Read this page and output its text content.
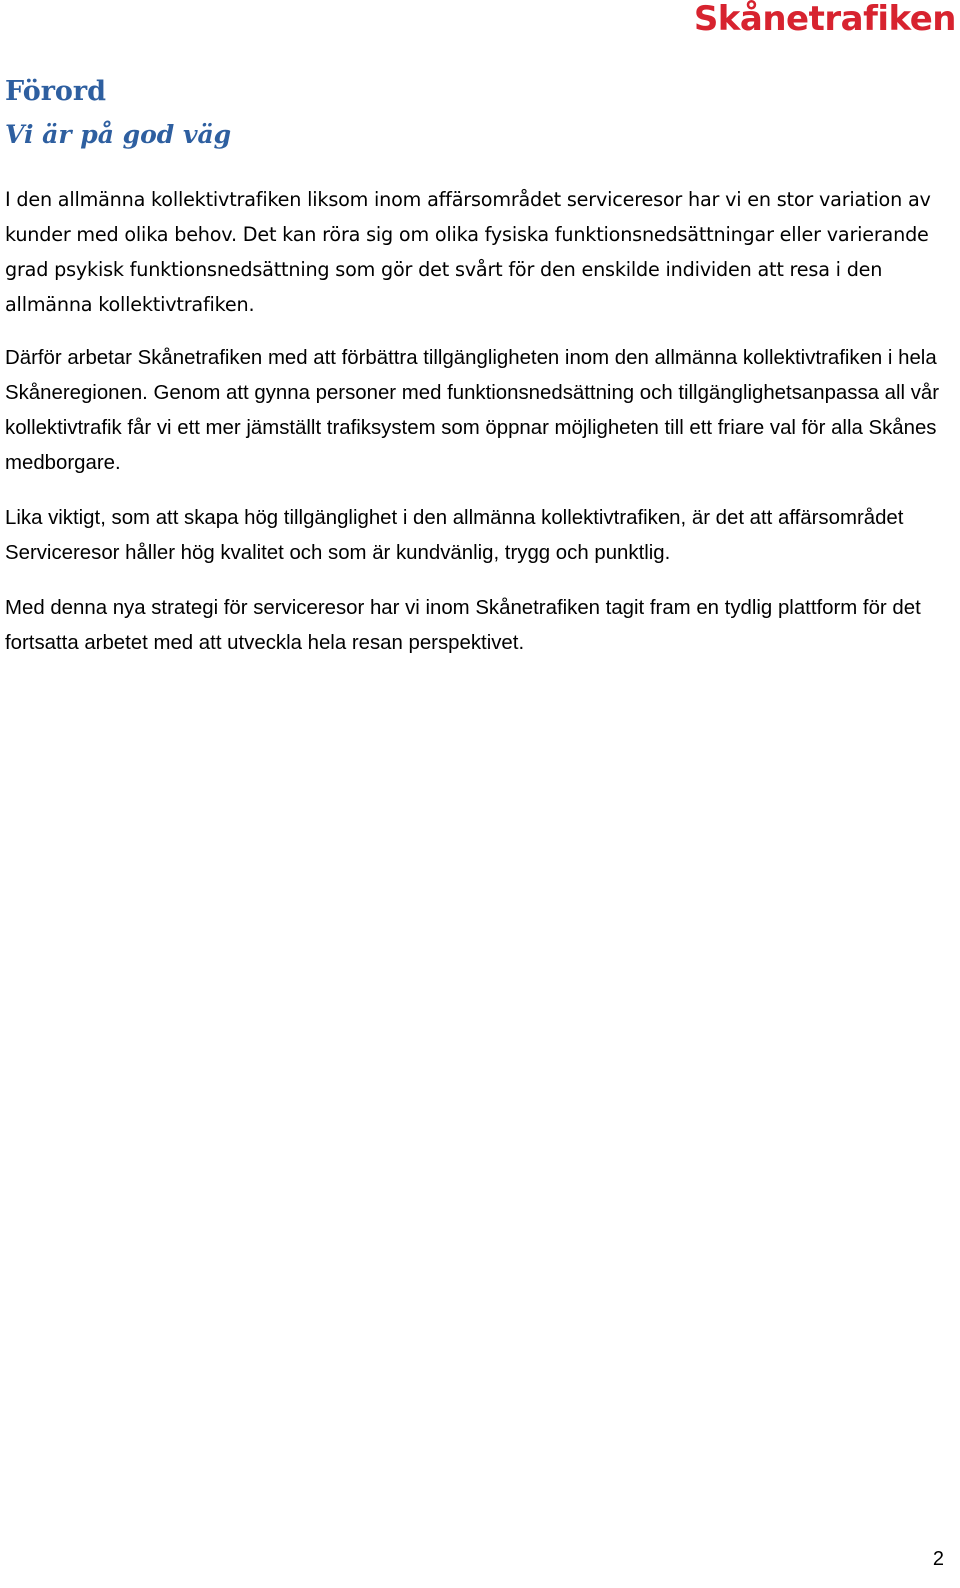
Skånetrafiken
Förord
Vi är på god väg

I den allmänna kollektivtrafiken liksom inom affärsområdet serviceresor har vi en stor variation av kunder med olika behov. Det kan röra sig om olika fysiska funktionsnedsättningar eller varierande grad psykisk funktionsnedsättning som gör det svårt för den enskilde individen att resa i den allmänna kollektivtrafiken.

Därför arbetar Skånetrafiken med att förbättra tillgängligheten inom den allmänna kollektivtrafiken i hela Skåneregionen. Genom att gynna personer med funktionsnedsättning och tillgänglighetsanpassa all vår kollektivtrafik får vi ett mer jämställt trafiksystem som öppnar möjligheten till ett friare val för alla Skånes medborgare.

Lika viktigt, som att skapa hög tillgänglighet i den allmänna kollektivtrafiken, är det att affärsområdet Serviceresor håller hög kvalitet och som är kundvänlig, trygg och punktlig.

Med denna nya strategi för serviceresor har vi inom Skånetrafiken tagit fram en tydlig plattform för det fortsatta arbetet med att utveckla hela resan perspektivet.

2
